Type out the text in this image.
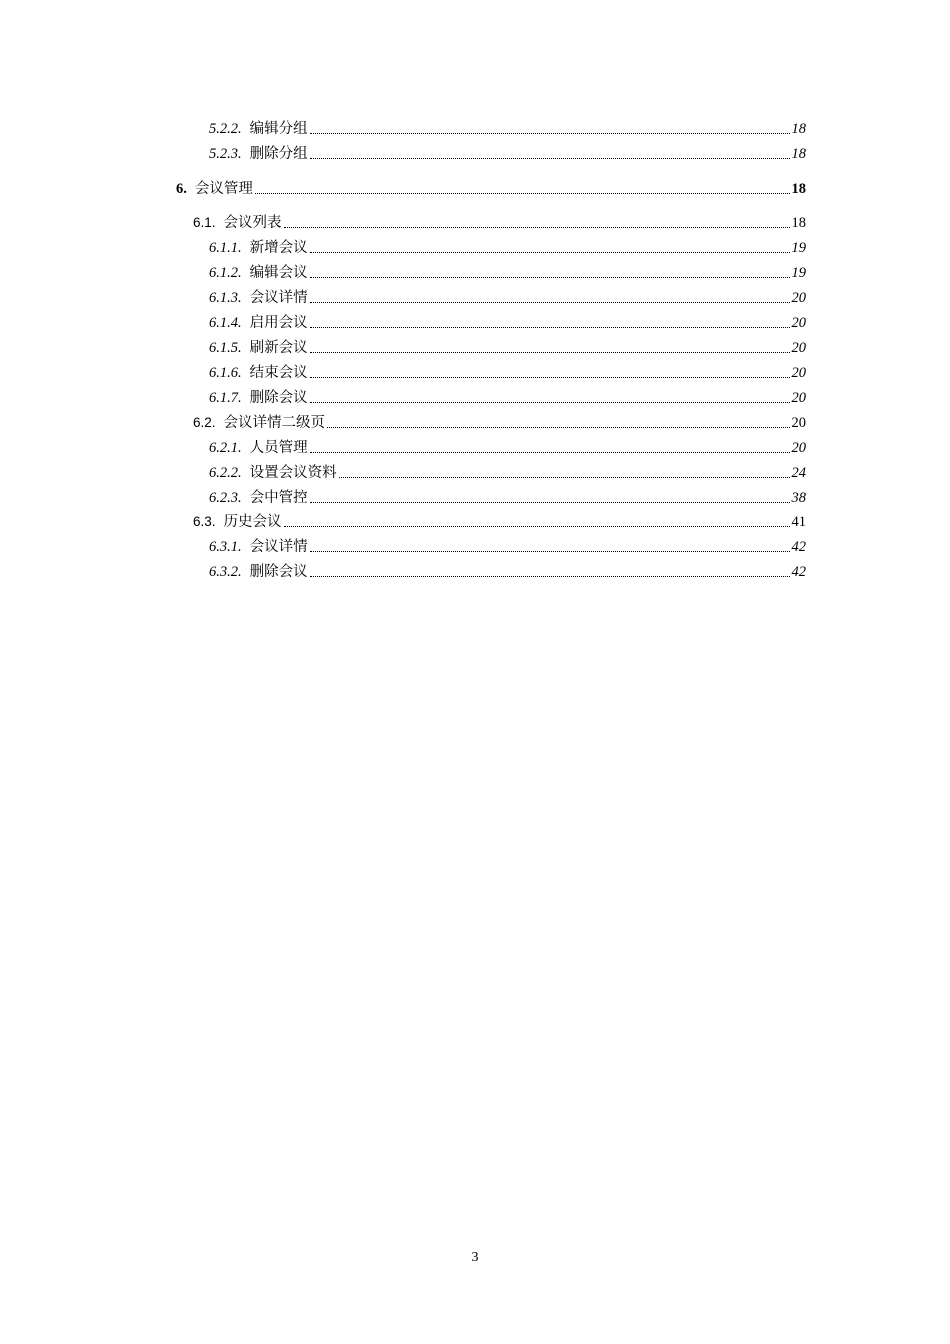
5.2.2. 编辑分组	18
5.2.3. 删除分组	18
6. 会议管理	18
6.1. 会议列表	18
6.1.1. 新增会议	19
6.1.2. 编辑会议	19
6.1.3. 会议详情	20
6.1.4. 启用会议	20
6.1.5. 刷新会议	20
6.1.6. 结束会议	20
6.1.7. 删除会议	20
6.2. 会议详情二级页	20
6.2.1. 人员管理	20
6.2.2. 设置会议资料	24
6.2.3. 会中管控	38
6.3. 历史会议	41
6.3.1. 会议详情	42
6.3.2. 删除会议	42
3
